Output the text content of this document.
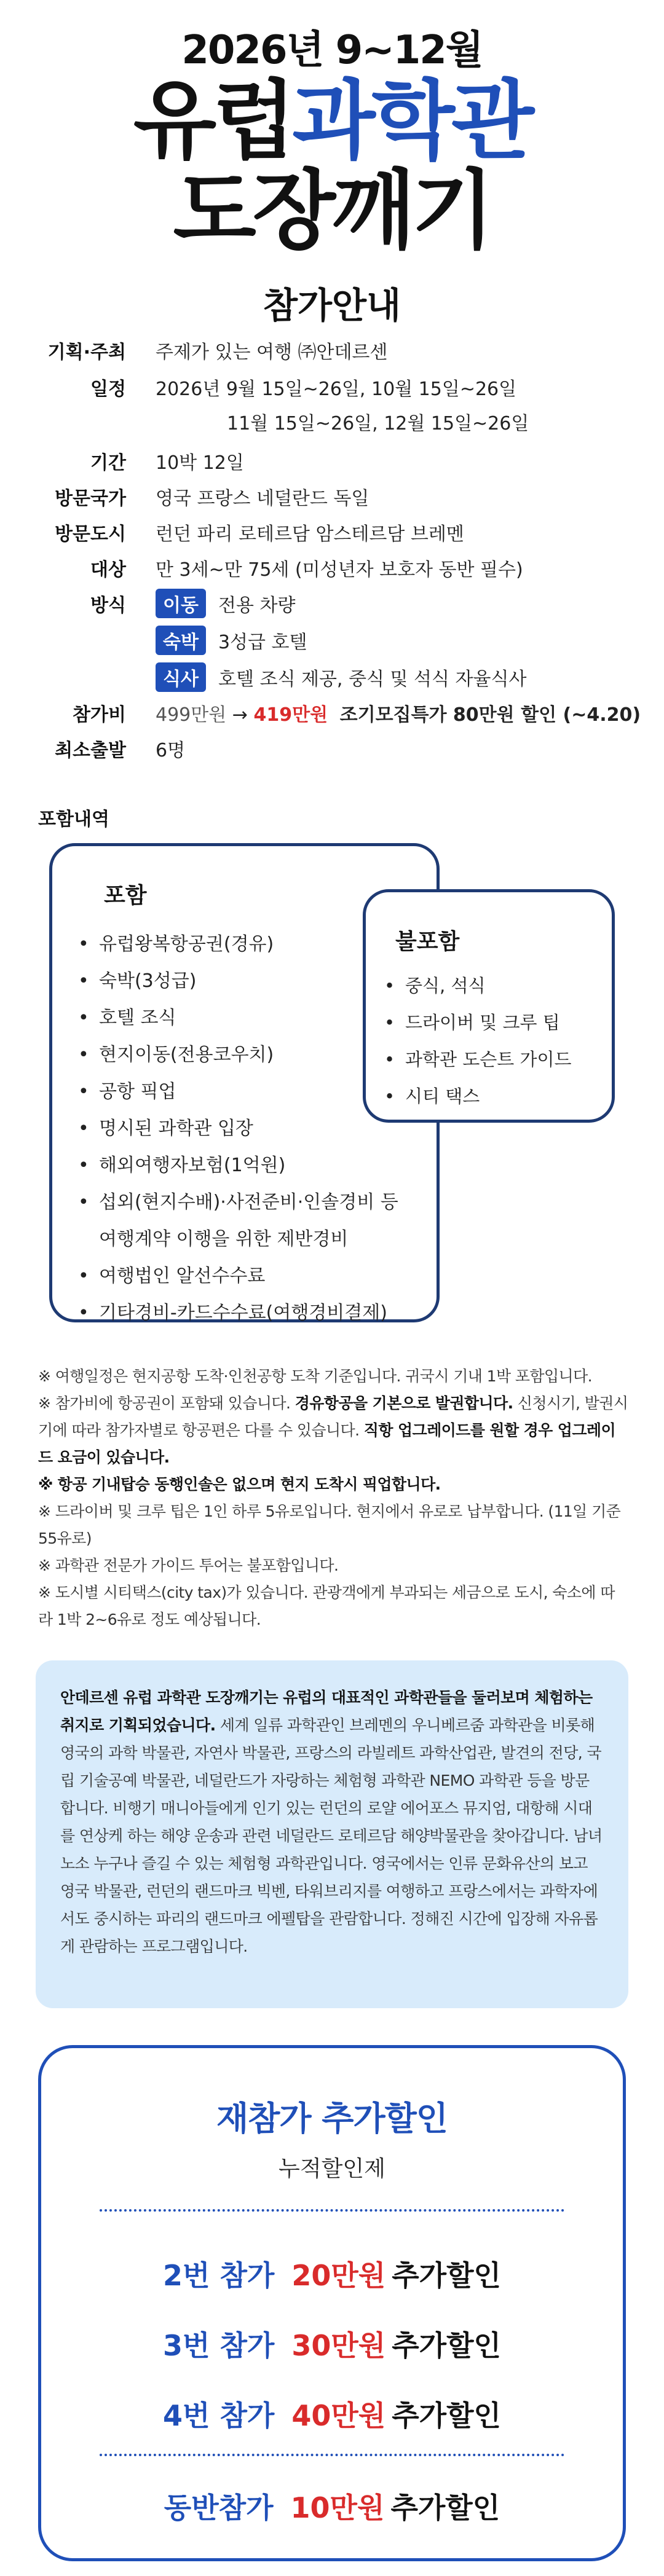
2026년 9~12월
유럽과학관
도장깨기
참가안내
기획·주최 주제가 있는 여행 ㈜안데르센
일정 2026년 9월 15일~26일, 10월 15일~26일
11월 15일~26일, 12월 15일~26일
기간 10박 12일
방문국가 영국 프랑스 네덜란드 독일
방문도시 런던 파리 로테르담 암스테르담 브레멘
대상 만 3세~만 75세 (미성년자 보호자 동반 필수)
방식	이동 전용 차량
숙박 3성급 호텔
식사 호텔 조식 제공, 중식 및 석식 자율식사
참가비 499만원 → 419만원 조기모집특가 80만원 할인 (~4.20)
최소출발 6명
포함내역
포함
• 유럽왕복항공권(경유)
• 숙박(3성급)
• 호텔 조식
• 현지이동(전용코우치)
• 공항 픽업
• 명시된 과학관 입장
• 해외여행자보험(1억원)
• 섭외(현지수배)·사전준비·인솔경비 등
여행계약 이행을 위한 제반경비
• 여행법인 알선수수료
• 기타경비-카드수수료(여행경비결제)
불포함
• 중식, 석식
• 드라이버 및 크루 팁
• 과학관 도슨트 가이드
• 시티 택스

※ 여행일정은 현지공항 도착·인천공항 도착 기준입니다. 귀국시 기내 1박 포함입니다.

※ 참가비에 항공권이 포함돼 있습니다. 경유항공을 기본으로 발권합니다. 신청시기, 발권시기에 따라 참가자별로 항공편은 다를 수 있습니다. 직항 업그레이드를 원할 경우 업그레이드 요금이 있습니다.

※ 항공 기내탑승 동행인솔은 없으며 현지 도착시 픽업합니다.

※ 드라이버 및 크루 팁은 1인 하루 5유로입니다. 현지에서 유로로 납부합니다. (11일 기준 55유로)

※ 과학관 전문가 가이드 투어는 불포함입니다.

※ 도시별 시티택스(city tax)가 있습니다. 관광객에게 부과되는 세금으로 도시, 숙소에 따라 1박 2~6유로 정도 예상됩니다.

안데르센 유럽 과학관 도장깨기는 유럽의 대표적인 과학관들을 둘러보며 체험하는 취지로 기획되었습니다. 세계 일류 과학관인 브레멘의 우니베르줌 과학관을 비롯해 영국의 과학 박물관, 자연사 박물관, 프랑스의 라빌레트 과학산업관, 발견의 전당, 국립 기술공예 박물관, 네덜란드가 자랑하는 체험형 과학관 NEMO 과학관 등을 방문합니다. 비행기 매니아들에게 인기 있는 런던의 로얄 에어포스 뮤지엄, 대항해 시대를 연상케 하는 해양 운송과 관련 네덜란드 로테르담 해양박물관을 찾아갑니다. 남녀노소 누구나 즐길 수 있는 체험형 과학관입니다. 영국에서는 인류 문화유산의 보고 영국 박물관, 런던의 랜드마크 빅벤, 타워브리지를 여행하고 프랑스에서는 과학자에서도 중시하는 파리의 랜드마크 에펠탑을 관람합니다. 정해진 시간에 입장해 자유롭게 관람하는 프로그램입니다.
재참가 추가할인
누적할인제
2번 참가 20만원 추가할인
3번 참가 30만원 추가할인
4번 참가 40만원 추가할인
동반참가 10만원 추가할인
